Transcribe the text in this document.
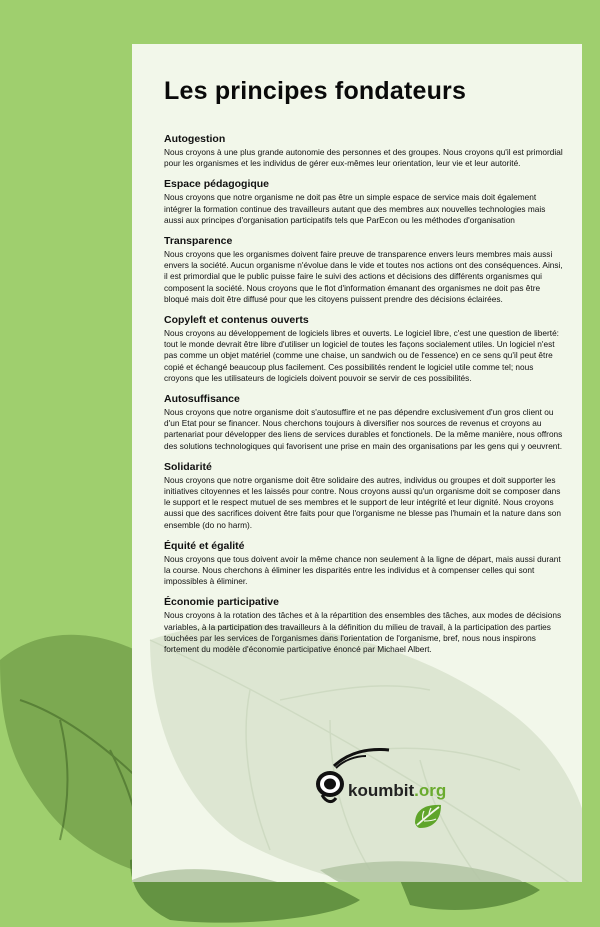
Les principes fondateurs
Autogestion

Nous croyons à une plus grande autonomie des personnes et des groupes. Nous croyons qu'il est primordial pour les organismes et les individus de gérer eux-mêmes leur orientation, leur vie et leur autorité.

Espace pédagogique

Nous croyons que notre organisme ne doit pas être un simple espace de service mais doit également intégrer la formation continue des travailleurs autant que des membres aux nouvelles technologies mais aussi aux principes d'organisation participatifs tels que ParEcon ou les méthodes d'organisation

Transparence

Nous croyons que les organismes doivent faire preuve de transparence envers leurs membres mais aussi envers la société. Aucun organisme n'évolue dans le vide et toutes nos actions ont des conséquences. Ainsi, il est primordial que le public puisse faire le suivi des actions et décisions des différents organismes qui composent la société. Nous croyons que le flot d'information émanant des organismes ne doit pas être bloqué mais doit être diffusé pour que les citoyens puissent prendre des décisions éclairées.

Copyleft et contenus ouverts

Nous croyons au développement de logiciels libres et ouverts. Le logiciel libre, c'est une question de liberté: tout le monde devrait être libre d'utiliser un logiciel de toutes les façons socialement utiles. Un logiciel n'est pas comme un objet matériel (comme une chaise, un sandwich ou de l'essence) en ce sens qu'il peut être copié et échangé beaucoup plus facilement. Ces possibilités rendent le logiciel utile comme tel; nous croyons que les utilisateurs de logiciels doivent pouvoir se servir de ces possibilités.

Autosuffisance

Nous croyons que notre organisme doit s'autosuffire et ne pas dépendre exclusivement d'un gros client ou d'un Etat pour se financer. Nous cherchons toujours à diversifier nos sources de revenus et croyons au partenariat pour développer des liens de services durables et fonctionels. De la même manière, nous offrons des solutions technologiques qui favorisent une prise en main des organisations par les gens qui y oeuvrent.

Solidarité

Nous croyons que notre organisme doit être solidaire des autres, individus ou groupes et doit supporter les initiatives citoyennes et les laissés pour contre. Nous croyons aussi qu'un organisme doit se composer dans le support et le respect mutuel de ses membres et le support de leur intégrité et leur dignité. Nous croyons aussi que des sacrifices doivent être faits pour que l'organisme ne blesse pas l'humain et la nature dans son ensemble (do no harm).

Équité et égalité

Nous croyons que tous doivent avoir la même chance non seulement à la ligne de départ, mais aussi durant la course. Nous cherchons à éliminer les disparités entre les individus et à compenser celles qui sont impossibles à éliminer.

Économie participative

Nous croyons à la rotation des tâches et à la répartition des ensembles des tâches, aux modes de décisions variables, à la participation des travailleurs à la définition du milieu de travail, à la participation des parties touchées par les services de l'organismes dans l'orientation de l'organisme, bref, nous nous inspirons fortement du modèle d'économie participative énoncé par Michael Albert.

koumbit.org
